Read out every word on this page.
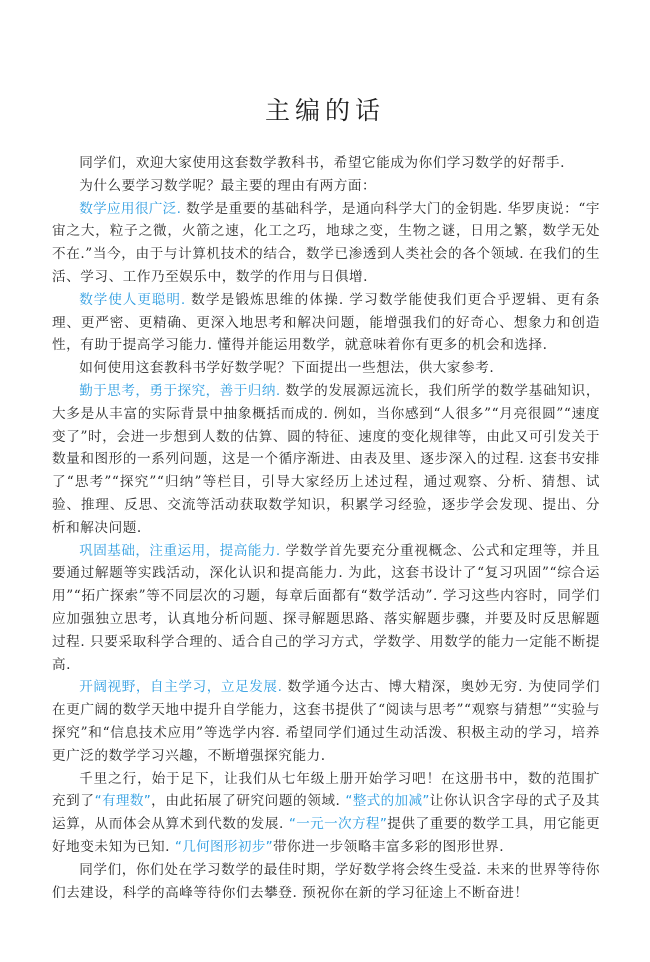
主编的话

同学们，欢迎大家使用这套数学教科书，希望它能成为你们学习数学的好帮手.

为什么要学习数学呢？最主要的理由有两方面：

数学应用很广泛. 数学是重要的基础科学，是通向科学大门的金钥匙. 华罗庚说：“宇宙之大，粒子之微，火箭之速，化工之巧，地球之变，生物之谜，日用之繁，数学无处不在.”当今，由于与计算机技术的结合，数学已渗透到人类社会的各个领域. 在我们的生活、学习、工作乃至娱乐中，数学的作用与日俱增.

数学使人更聪明. 数学是锻炼思维的体操. 学习数学能使我们更合乎逻辑、更有条理、更严密、更精确、更深入地思考和解决问题，能增强我们的好奇心、想象力和创造性，有助于提高学习能力. 懂得并能运用数学，就意味着你有更多的机会和选择.

如何使用这套教科书学好数学呢？下面提出一些想法，供大家参考.

勤于思考，勇于探究，善于归纳. 数学的发展源远流长，我们所学的数学基础知识，大多是从丰富的实际背景中抽象概括而成的. 例如，当你感到“人很多”“月亮很圆”“速度变了”时，会进一步想到人数的估算、圆的特征、速度的变化规律等，由此又可引发关于数量和图形的一系列问题，这是一个循序渐进、由表及里、逐步深入的过程. 这套书安排了“思考”“探究”“归纳”等栏目，引导大家经历上述过程，通过观察、分析、猜想、试验、推理、反思、交流等活动获取数学知识，积累学习经验，逐步学会发现、提出、分析和解决问题.

巩固基础，注重运用，提高能力. 学数学首先要充分重视概念、公式和定理等，并且要通过解题等实践活动，深化认识和提高能力. 为此，这套书设计了“复习巩固”“综合运用”“拓广探索”等不同层次的习题，每章后面都有“数学活动”. 学习这些内容时，同学们应加强独立思考，认真地分析问题、探寻解题思路、落实解题步骤，并要及时反思解题过程. 只要采取科学合理的、适合自己的学习方式，学数学、用数学的能力一定能不断提高.

开阔视野，自主学习，立足发展. 数学通今达古、博大精深，奥妙无穷. 为使同学们在更广阔的数学天地中提升自学能力，这套书提供了“阅读与思考”“观察与猜想”“实验与探究”和“信息技术应用”等选学内容. 希望同学们通过生动活泼、积极主动的学习，培养更广泛的数学学习兴趣，不断增强探究能力.

千里之行，始于足下，让我们从七年级上册开始学习吧！在这册书中，数的范围扩充到了“有理数”，由此拓展了研究问题的领域. “整式的加减”让你认识含字母的式子及其运算，从而体会从算术到代数的发展. “一元一次方程”提供了重要的数学工具，用它能更好地变未知为已知. “几何图形初步”带你进一步领略丰富多彩的图形世界.

同学们，你们处在学习数学的最佳时期，学好数学将会终生受益. 未来的世界等待你们去建设，科学的高峰等待你们去攀登. 预祝你在新的学习征途上不断奋进！
